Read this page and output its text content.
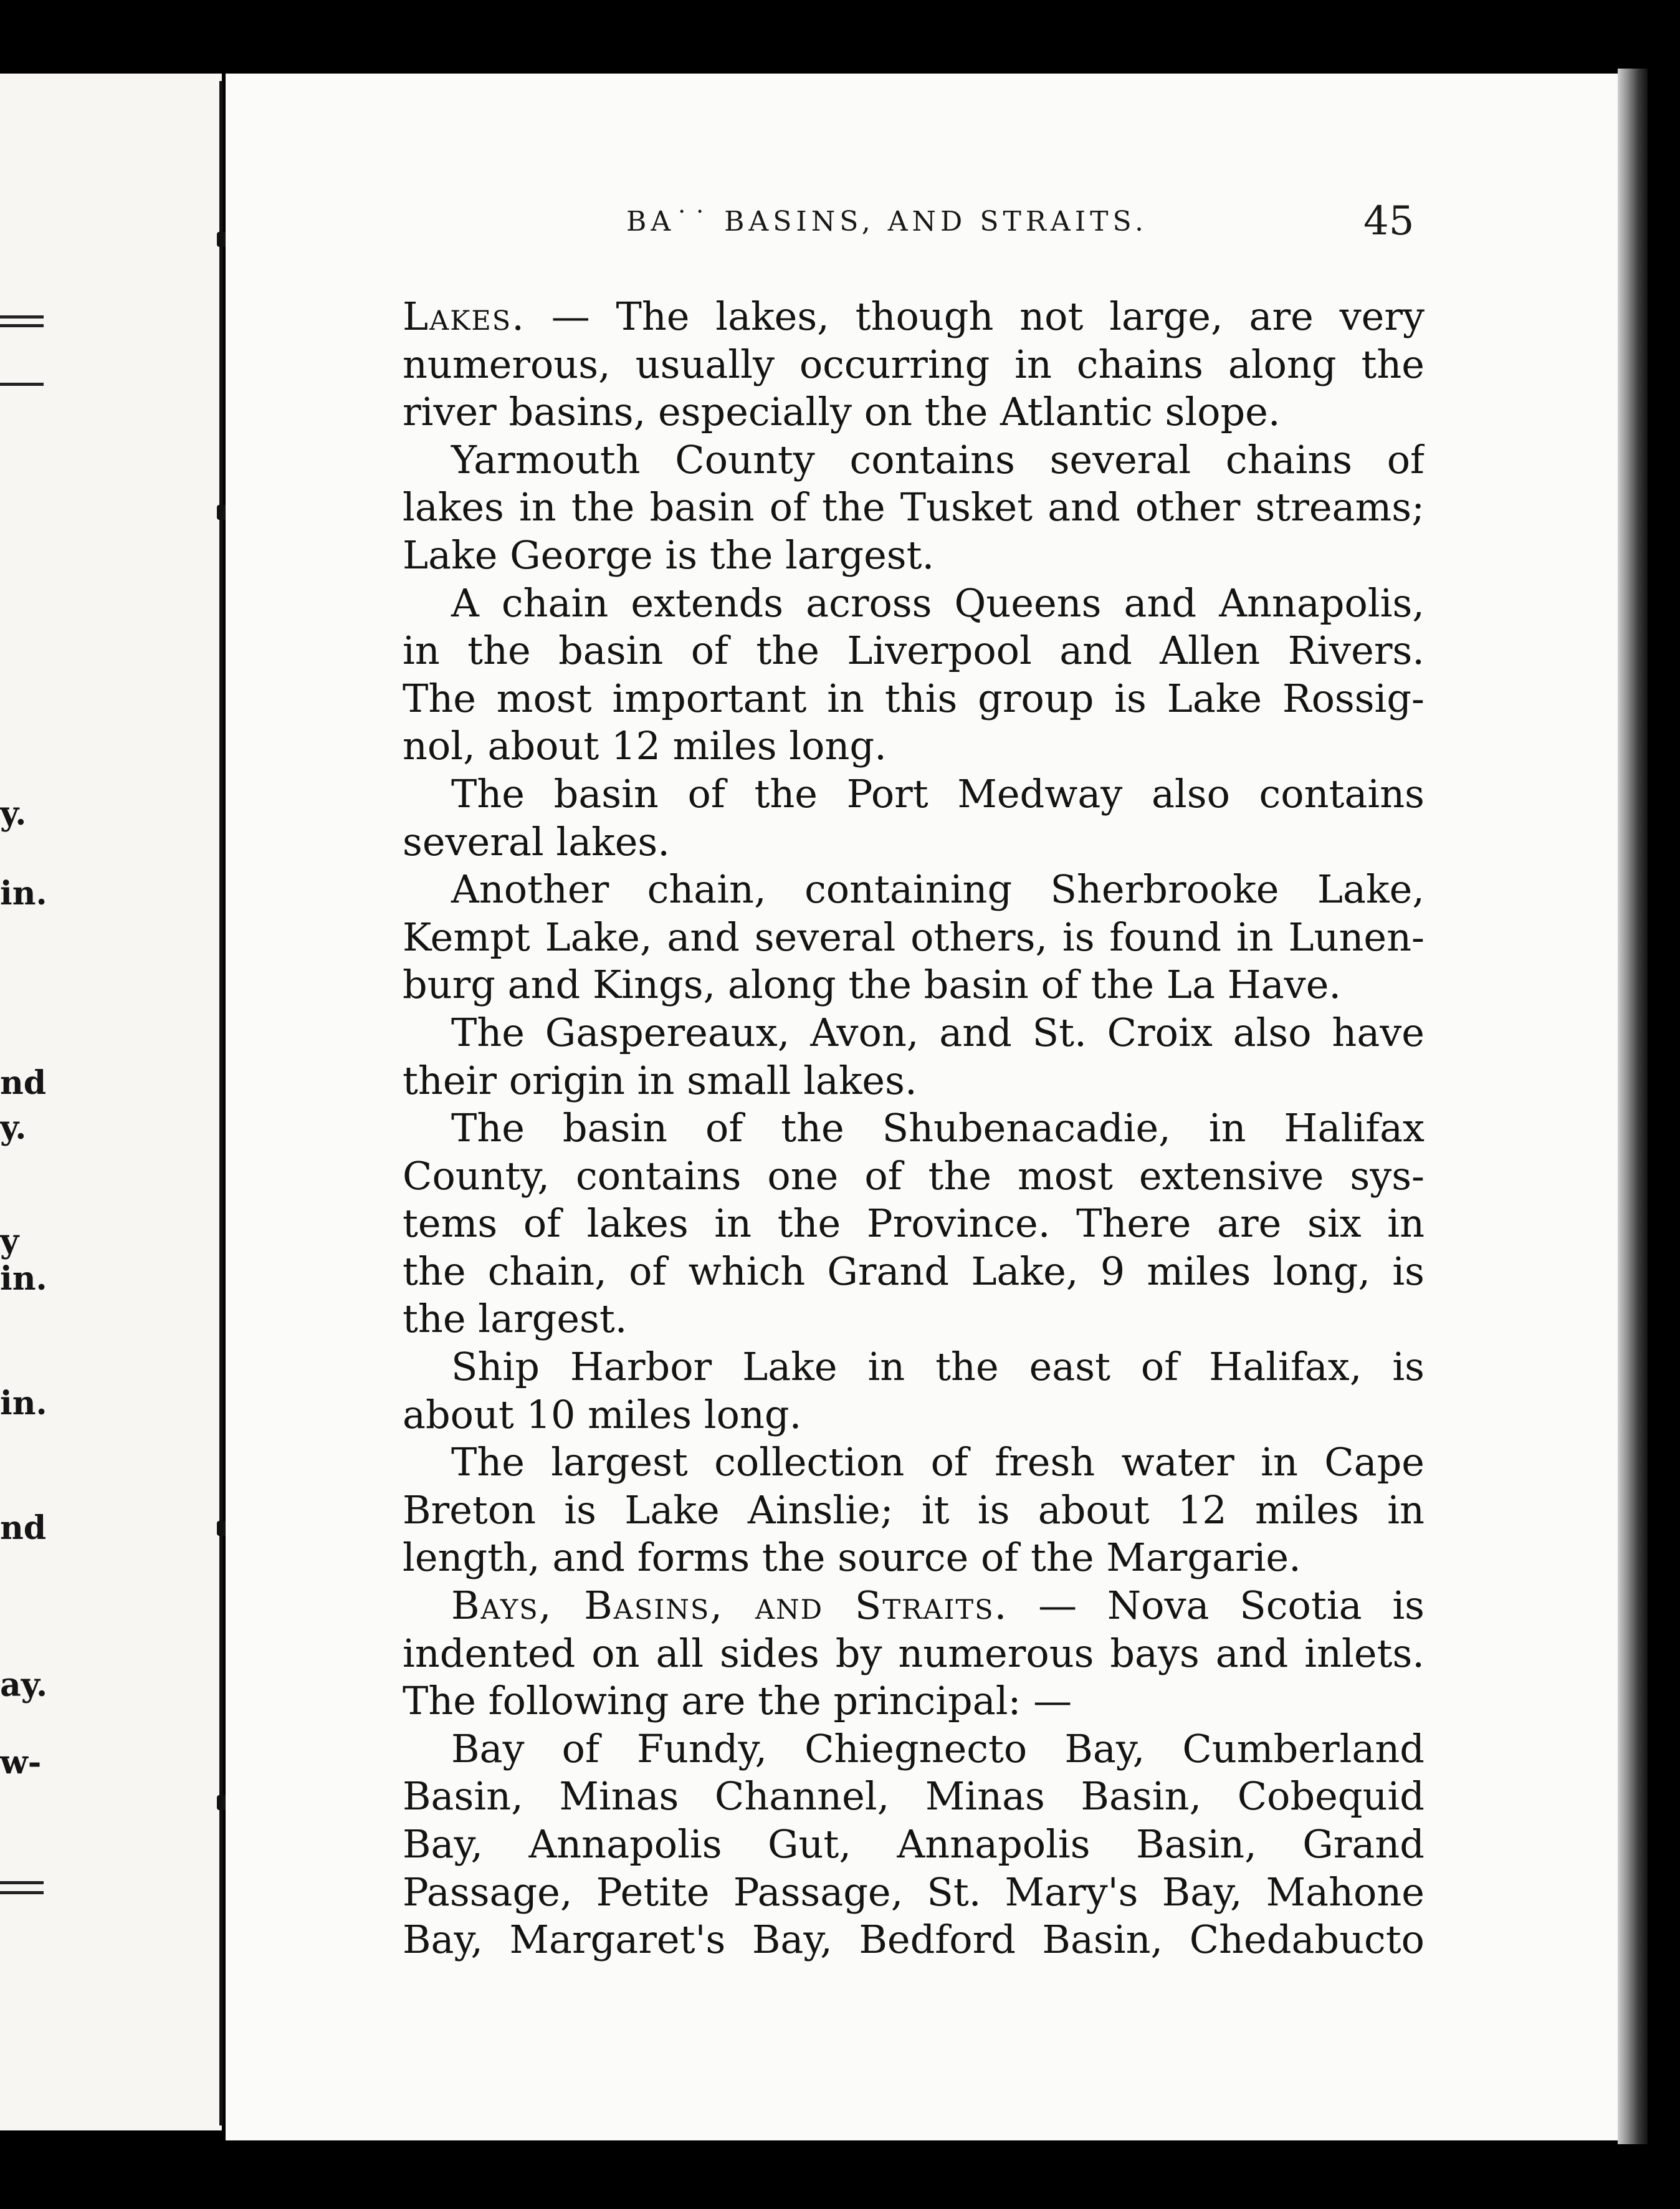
y.
in.
nd
y.
y
in.
in.
nd
ay.
w-
BA˙˙ BASINS, AND STRAITS.	45
Lakes. — The lakes, though not large, are very
numerous, usually occurring in chains along the
river basins, especially on the Atlantic slope.
Yarmouth County contains several chains of
lakes in the basin of the Tusket and other streams;
Lake George is the largest.
A chain extends across Queens and Annapolis,
in the basin of the Liverpool and Allen Rivers.
The most important in this group is Lake Rossig-
nol, about 12 miles long.
The basin of the Port Medway also contains
several lakes.
Another chain, containing Sherbrooke Lake,
Kempt Lake, and several others, is found in Lunen-
burg and Kings, along the basin of the La Have.
The Gaspereaux, Avon, and St. Croix also have
their origin in small lakes.
The basin of the Shubenacadie, in Halifax
County, contains one of the most extensive sys-
tems of lakes in the Province. There are six in
the chain, of which Grand Lake, 9 miles long, is
the largest.
Ship Harbor Lake in the east of Halifax, is
about 10 miles long.
The largest collection of fresh water in Cape
Breton is Lake Ainslie; it is about 12 miles in
length, and forms the source of the Margarie.
Bays, Basins, and Straits. — Nova Scotia is
indented on all sides by numerous bays and inlets.
The following are the principal: —
Bay of Fundy, Chiegnecto Bay, Cumberland
Basin, Minas Channel, Minas Basin, Cobequid
Bay, Annapolis Gut, Annapolis Basin, Grand
Passage, Petite Passage, St. Mary's Bay, Mahone
Bay, Margaret's Bay, Bedford Basin, Chedabucto
